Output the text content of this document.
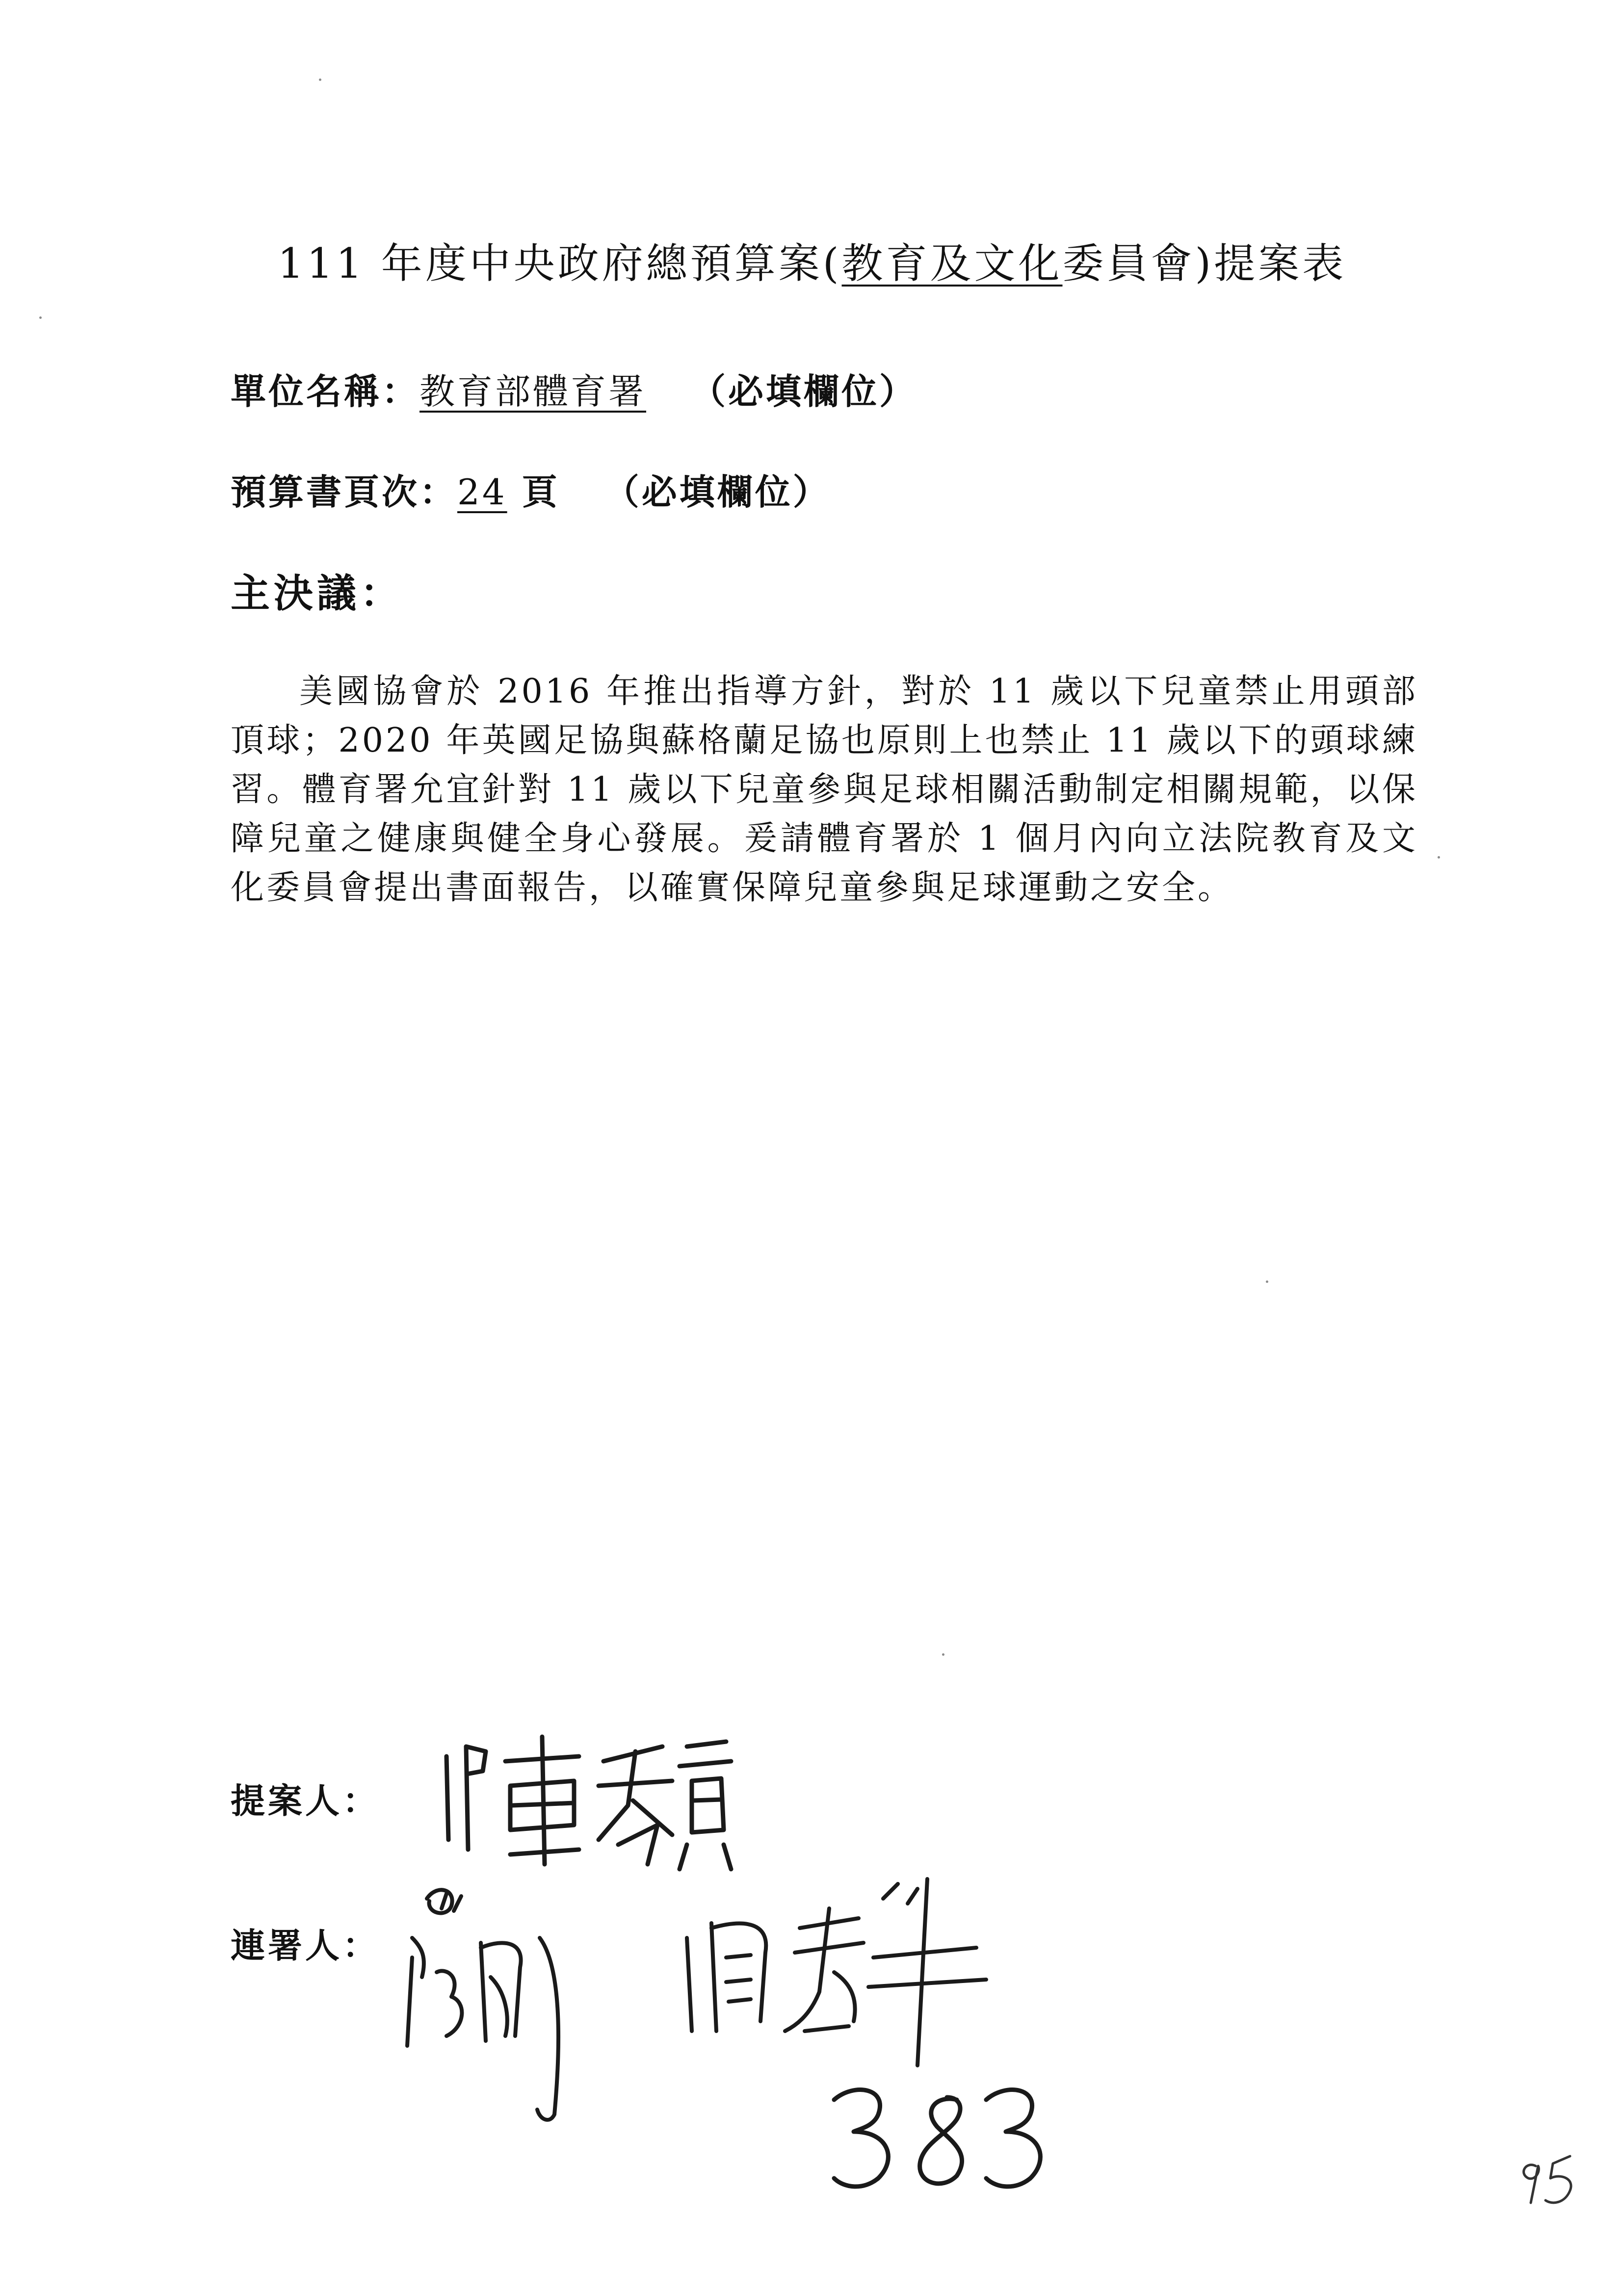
111 年度中央政府總預算案(教育及文化委員會)提案表
單位名稱：教育部體育署 （必填欄位）
預算書頁次：24 頁 （必填欄位）
主決議：
美國協會於 2016 年推出指導方針，對於 11 歲以下兒童禁止用頭部頂球；2020 年英國足協與蘇格蘭足協也原則上也禁止 11 歲以下的頭球練習。體育署允宜針對 11 歲以下兒童參與足球相關活動制定相關規範，以保障兒童之健康與健全身心發展。爰請體育署於 1 個月內向立法院教育及文化委員會提出書面報告，以確實保障兒童參與足球運動之安全。
提案人：
連署人：
